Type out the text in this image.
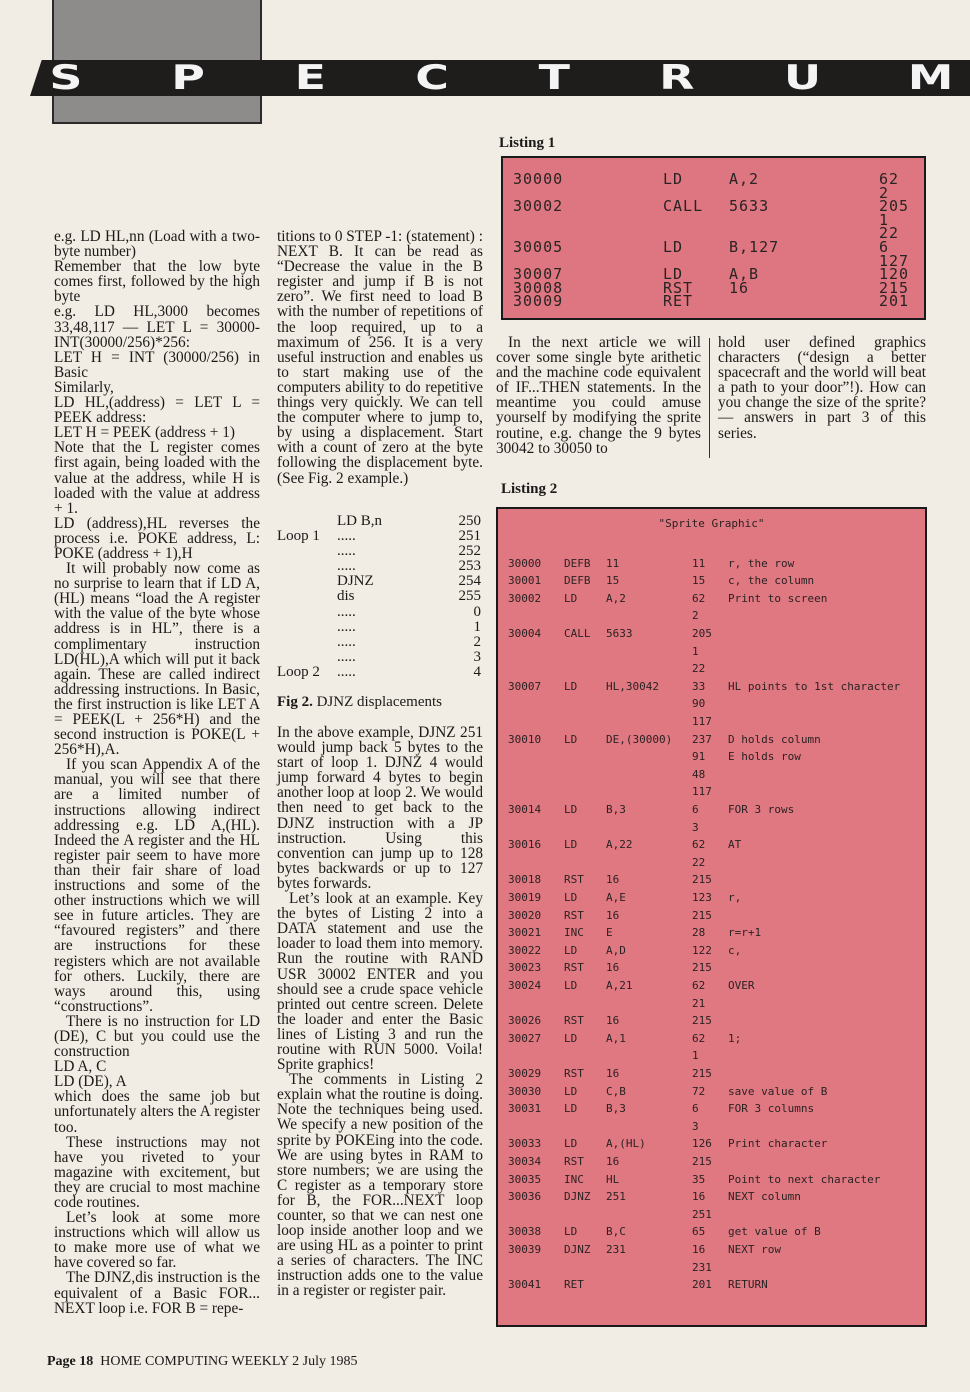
S	P	E	C	T	R	U M

e.g. LD HL,nn (Load with a two-byte number)

Remember that the low byte comes first, followed by the high byte

e.g. LD HL,3000 becomes 33,48,117 — LET L = 30000-INT(30000/256)*256:

LET H = INT (30000/256) in Basic

Similarly,

LD HL,(address) = LET L = PEEK address:

LET H = PEEK (address + 1)

Note that the L register comes first again, being loaded with the value at the address, while H is loaded with the value at address + 1.

LD (address),HL reverses the process i.e. POKE address, L: POKE (address + 1),H

It will probably now come as no surprise to learn that if LD A,(HL) means “load the A register with the value of the byte whose address is in HL”, there is a complimentary instruction LD(HL),A which will put it back again. These are called indirect addressing instructions. In Basic, the first instruction is like LET A = PEEK(L + 256*H) and the second instruction is POKE(L + 256*H),A.

If you scan Appendix A of the manual, you will see that there are a limited number of instructions allowing indirect addressing e.g. LD A,(HL). Indeed the A register and the HL register pair seem to have more than their fair share of load instructions and some of the other instructions which we will see in future articles. They are “favoured registers” and there are instructions for these registers which are not available for others. Luckily, there are ways around this, using “constructions”.

There is no instruction for LD (DE), C but you could use the construction

LD A, C

LD (DE), A

which does the same job but unfortunately alters the A register too.

These instructions may not have you riveted to your magazine with excitement, but they are crucial to most machine code routines.

Let’s look at some more instructions which will allow us to make more use of what we have covered so far.

The DJNZ,dis instruction is the equivalent of a Basic FOR... NEXT loop i.e. FOR B = repe-

titions to 0 STEP -1: (statement) : NEXT B. It can be read as “Decrease the value in the B register and jump if B is not zero”. We first need to load B with the number of repetitions of the loop required, up to a maximum of 256. It is a very useful instruction and enables us to start making use of the computers ability to do repetitive things very quickly. We can tell the computer where to jump to, by using a displacement. Start with a count of zero at the byte following the displacement byte. (See Fig. 2 example.)

LD B,n	250
Loop 1 .....	251
.....	252
.....	253
DJNZ	254
dis	255
.....	0
.....	1
.....	2
.....	3
Loop 2 .....	4
Fig 2. DJNZ displacements

In the above example, DJNZ 251 would jump back 5 bytes to the start of loop 1. DJNZ 4 would jump forward 4 bytes to begin another loop at loop 2. We would then need to get back to the DJNZ instruction with a JP instruction. Using this convention can jump up to 128 bytes backwards or up to 127 bytes forwards.

Let’s look at an example. Key the bytes of Listing 2 into a DATA statement and use the loader to load them into memory. Run the routine with RAND USR 30002 ENTER and you should see a crude space vehicle printed out centre screen. Delete the loader and enter the Basic lines of Listing 3 and run the routine with RUN 5000. Voila! Sprite graphics!

The comments in Listing 2 explain what the routine is doing. Note the techniques being used. We specify a new position of the sprite by POKEing into the code. We are using bytes in RAM to store numbers; we are using the C register as a temporary store for B, the FOR...NEXT loop counter, so that we can nest one loop inside another loop and we are using HL as a pointer to print a series of characters. The INC instruction adds one to the value in a register or register pair.

Listing 1
30000	LD	A,2	62
2
30002	CALL 5633	205
1
22
30005	LD	B,127	6
127
30007	LD	A,B	120
30008	RST 16	215
30009	RET	201

In the next article we will cover some single byte arithetic and the machine code equivalent of IF...THEN statements. In the meantime you could amuse yourself by modifying the sprite routine, e.g. change the 9 bytes 30042 to 30050 to

hold user defined graphics characters (“design a better spacecraft and the world will beat a path to your door”!). How can you change the size of the sprite? — answers in part 3 of this series.

Listing 2
"Sprite Graphic"
30000 DEFB 11	11 r, the row
30001 DEFB 15	15 c, the column
30002 LD	A,2	62 Print to screen
2
30004 CALL 5633	205
1
22
30007 LD	HL,30042	33 HL points to 1st character
90
117
30010 LD	DE,(30000) 237 D holds column
91 E holds row
48
117
30014 LD	B,3	6	FOR 3 rows
3
30016 LD	A,22	62 AT
22
30018 RST 16	215
30019 LD	A,E	123 r,
30020 RST 16	215
30021 INC E	28 r=r+1
30022 LD	A,D	122 c,
30023 RST 16	215
30024 LD	A,21	62 OVER
21
30026 RST 16	215
30027 LD	A,1	62 1;
1
30029 RST 16	215
30030 LD	C,B	72 save value of B
30031 LD	B,3	6	FOR 3 columns
3
30033 LD	A,(HL)	126 Print character
30034 RST 16	215
30035 INC HL	35 Point to next character
30036 DJNZ 251	16 NEXT column
251
30038 LD	B,C	65 get value of B
30039 DJNZ 231	16 NEXT row
231
30041 RET	201 RETURN
Page 18 HOME COMPUTING WEEKLY 2 July 1985
